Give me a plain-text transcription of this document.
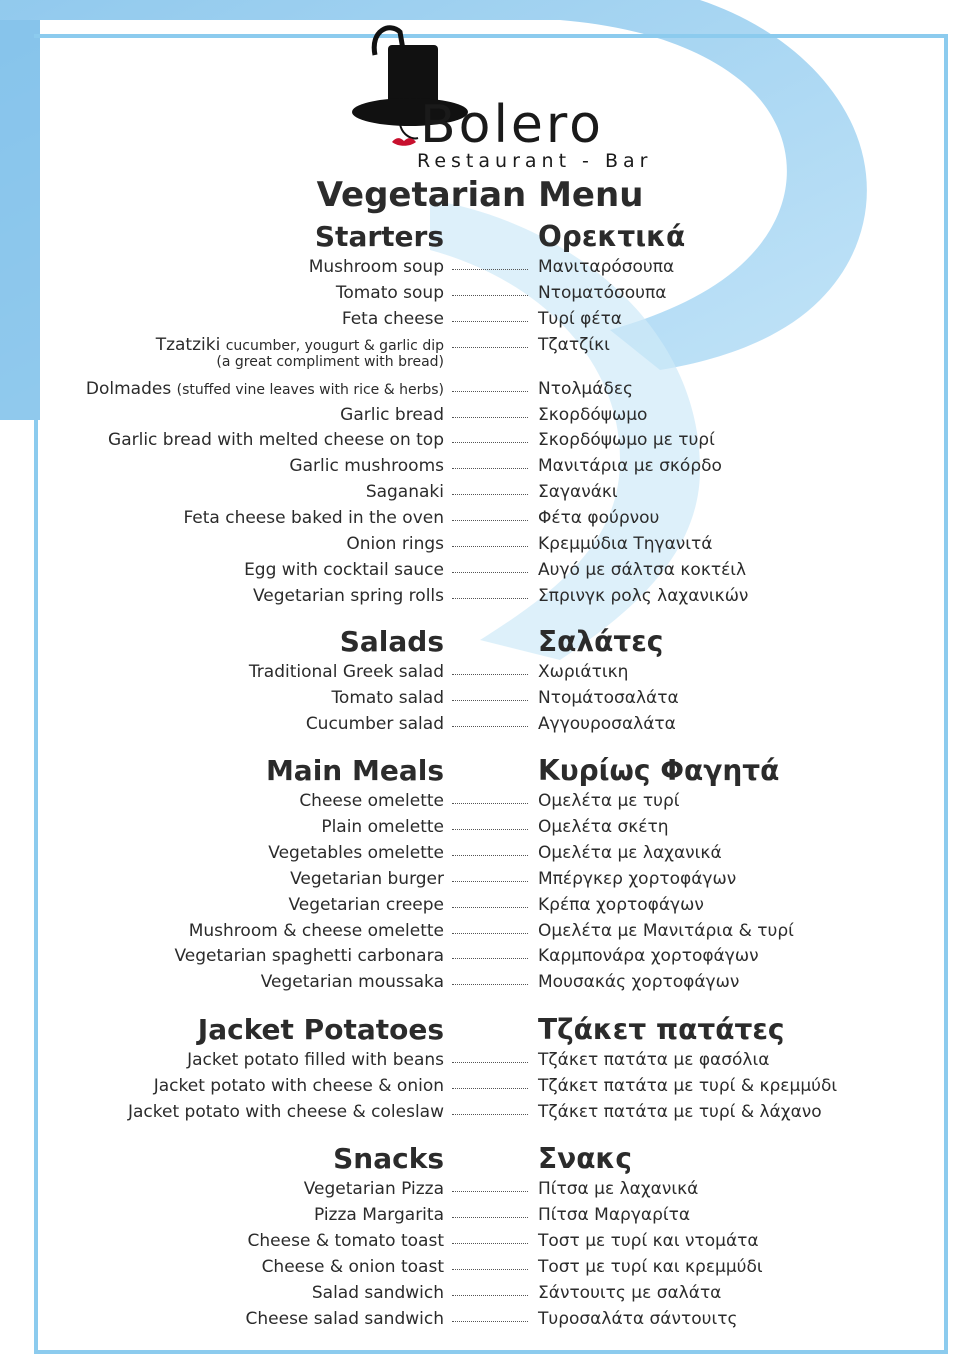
Bolero
Restaurant - Bar
Vegetarian Menu
Starters	Ορεκτικά
Mushroom soup	Μανιταρόσουπα
Tomato soup	Ντοματόσουπα
Feta cheese	Τυρί φέτα
Tzatziki cucumber, yougurt & garlic dip	Τζατζίκι
(a great compliment with bread)
Dolmades (stuffed vine leaves with rice & herbs)	Ντολμάδες
Garlic bread	Σκορδόψωμο
Garlic bread with melted cheese on top	Σκορδόψωμο με τυρί
Garlic mushrooms	Μανιτάρια με σκόρδο
Saganaki	Σαγανάκι
Feta cheese baked in the oven	Φέτα φούρνου
Onion rings	Κρεμμύδια Τηγανιτά
Egg with cocktail sauce	Αυγό με σάλτσα κοκτέιλ
Vegetarian spring rolls	Σπρινγκ ρολς λαχανικών
Salads	Σαλάτες
Traditional Greek salad	Χωριάτικη
Tomato salad	Ντομάτοσαλάτα
Cucumber salad	Αγγουροσαλάτα
Main Meals	Κυρίως Φαγητά
Cheese omelette	Ομελέτα με τυρί
Plain omelette	Ομελέτα σκέτη
Vegetables omelette	Ομελέτα με λαχανικά
Vegetarian burger	Μπέργκερ χορτοφάγων
Vegetarian creepe	Κρέπα χορτοφάγων
Mushroom & cheese omelette	Ομελέτα με Μανιτάρια & τυρί
Vegetarian spaghetti carbonara	Καρμπονάρα χορτοφάγων
Vegetarian moussaka	Μουσακάς χορτοφάγων
Jacket Potatoes	Τζάκετ πατάτες
Jacket potato filled with beans	Τζάκετ πατάτα με φασόλια
Jacket potato with cheese & onion	Τζάκετ πατάτα με τυρί & κρεμμύδι
Jacket potato with cheese & coleslaw	Τζάκετ πατάτα με τυρί & λάχανο
Snacks	Σνακς
Vegetarian Pizza	Πίτσα με λαχανικά
Pizza Margarita	Πίτσα Μαργαρίτα
Cheese & tomato toast	Τοστ με τυρί και ντομάτα
Cheese & onion toast	Τοστ με τυρί και κρεμμύδι
Salad sandwich	Σάντουιτς με σαλάτα
Cheese salad sandwich	Τυροσαλάτα σάντουιτς
